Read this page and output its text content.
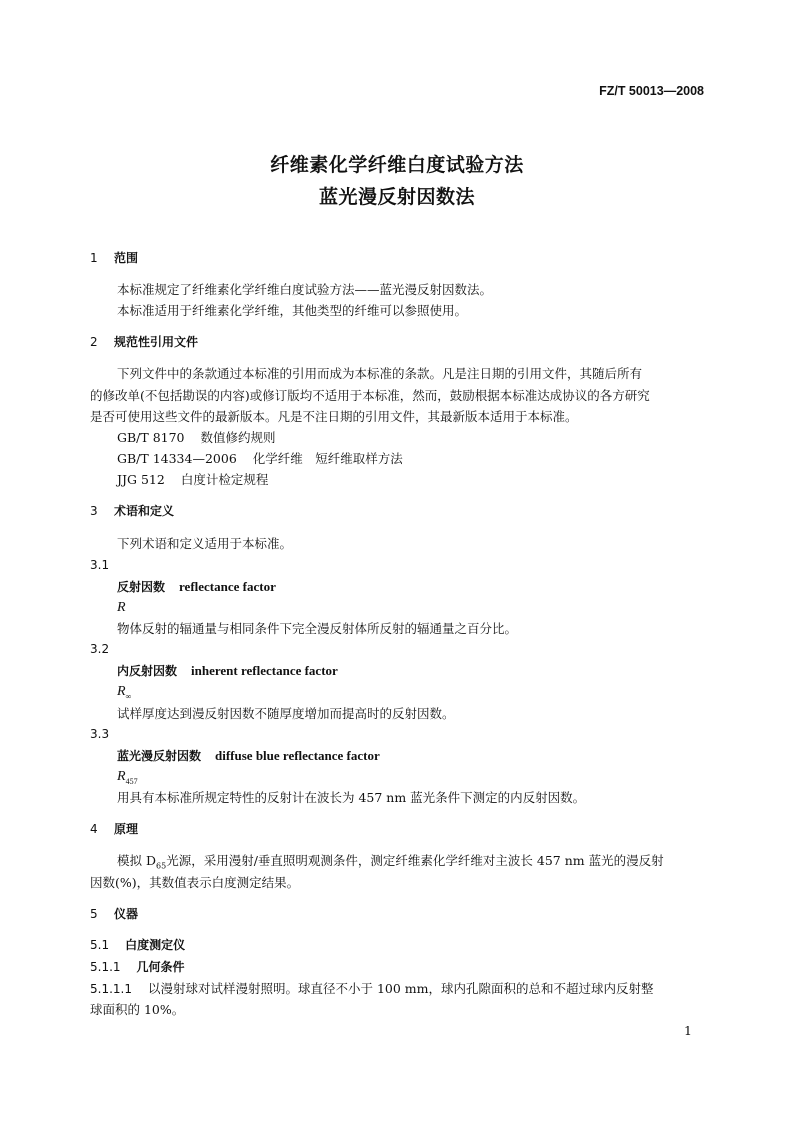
FZ/T 50013—2008
纤维素化学纤维白度试验方法
蓝光漫反射因数法
1 范围
本标准规定了纤维素化学纤维白度试验方法——蓝光漫反射因数法。
本标准适用于纤维素化学纤维，其他类型的纤维可以参照使用。
2 规范性引用文件
下列文件中的条款通过本标准的引用而成为本标准的条款。凡是注日期的引用文件，其随后所有
的修改单(不包括勘误的内容)或修订版均不适用于本标准，然而，鼓励根据本标准达成协议的各方研究
是否可使用这些文件的最新版本。凡是不注日期的引用文件，其最新版本适用于本标准。
GB/T 8170 数值修约规则
GB/T 14334—2006 化学纤维　短纤维取样方法
JJG 512 白度计检定规程
3 术语和定义
下列术语和定义适用于本标准。
3.1
反射因数 reflectance factor
R
物体反射的辐通量与相同条件下完全漫反射体所反射的辐通量之百分比。
3.2
内反射因数 inherent reflectance factor
$R_\infty$
试样厚度达到漫反射因数不随厚度增加而提高时的反射因数。
3.3
蓝光漫反射因数 diffuse blue reflectance factor
$R_{457}$
用具有本标准所规定特性的反射计在波长为 457 nm 蓝光条件下测定的内反射因数。
4 原理
模拟 $D_{65}$光源，采用漫射/垂直照明观测条件，测定纤维素化学纤维对主波长 457 nm 蓝光的漫反射
因数(%)，其数值表示白度测定结果。
5 仪器
5.1 白度测定仪
5.1.1 几何条件
5.1.1.1 以漫射球对试样漫射照明。球直径不小于 100 mm，球内孔隙面积的总和不超过球内反射整
球面积的 10%。
1
